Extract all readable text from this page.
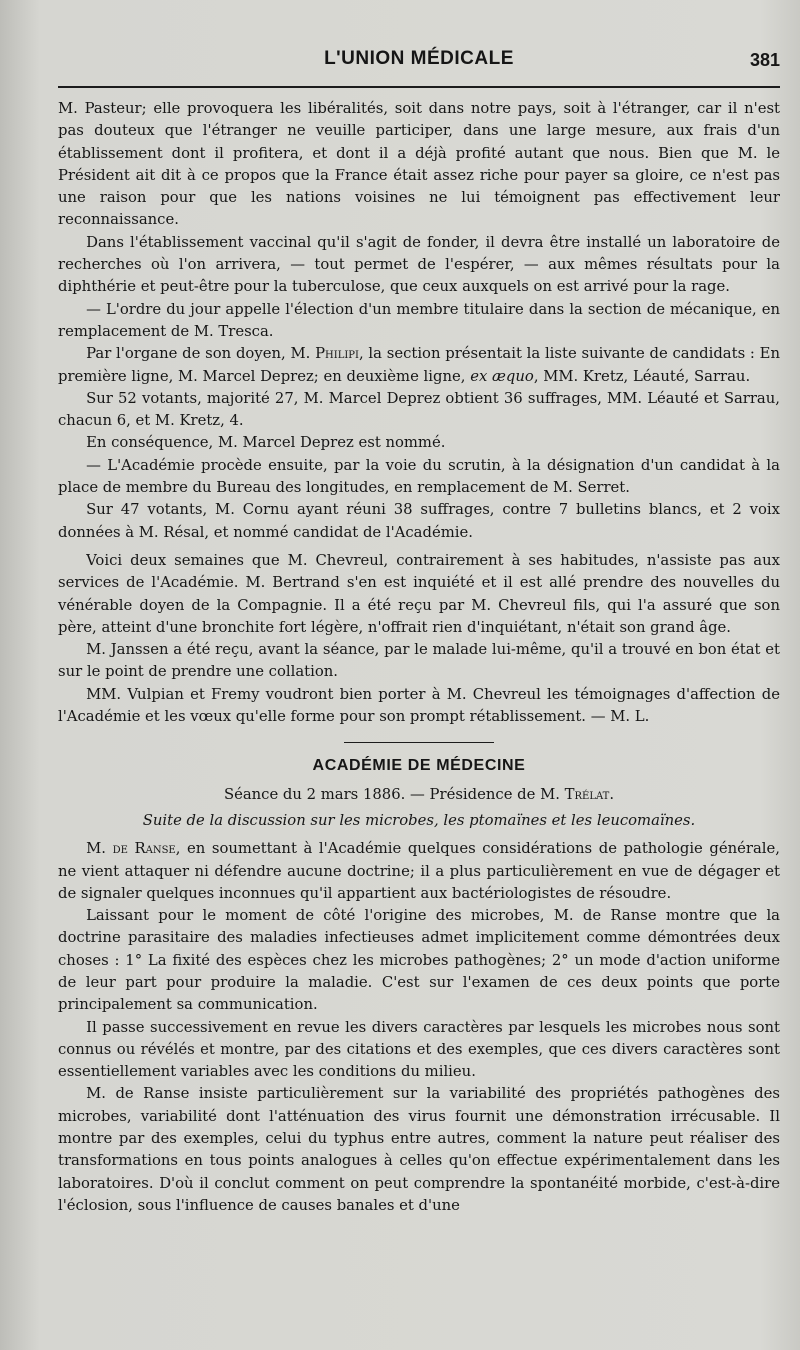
L'UNION MÉDICALE	381

M. Pasteur; elle provoquera les libéralités, soit dans notre pays, soit à l'étranger, car il n'est pas douteux que l'étranger ne veuille participer, dans une large mesure, aux frais d'un établissement dont il profitera, et dont il a déjà profité autant que nous. Bien que M. le Président ait dit à ce propos que la France était assez riche pour payer sa gloire, ce n'est pas une raison pour que les nations voisines ne lui témoignent pas effectivement leur reconnaissance.

Dans l'établissement vaccinal qu'il s'agit de fonder, il devra être installé un laboratoire de recherches où l'on arrivera, — tout permet de l'espérer, — aux mêmes résultats pour la diphthérie et peut-être pour la tuberculose, que ceux auxquels on est arrivé pour la rage.

— L'ordre du jour appelle l'élection d'un membre titulaire dans la section de mécanique, en remplacement de M. Tresca.

Par l'organe de son doyen, M. Philipi, la section présentait la liste suivante de candidats : En première ligne, M. Marcel Deprez; en deuxième ligne, ex æquo, MM. Kretz, Léauté, Sarrau.

Sur 52 votants, majorité 27, M. Marcel Deprez obtient 36 suffrages, MM. Léauté et Sarrau, chacun 6, et M. Kretz, 4.

En conséquence, M. Marcel Deprez est nommé.

— L'Académie procède ensuite, par la voie du scrutin, à la désignation d'un candidat à la place de membre du Bureau des longitudes, en remplacement de M. Serret.

Sur 47 votants, M. Cornu ayant réuni 38 suffrages, contre 7 bulletins blancs, et 2 voix données à M. Résal, et nommé candidat de l'Académie.

Voici deux semaines que M. Chevreul, contrairement à ses habitudes, n'assiste pas aux services de l'Académie. M. Bertrand s'en est inquiété et il est allé prendre des nouvelles du vénérable doyen de la Compagnie. Il a été reçu par M. Chevreul fils, qui l'a assuré que son père, atteint d'une bronchite fort légère, n'offrait rien d'inquiétant, n'était son grand âge.

M. Janssen a été reçu, avant la séance, par le malade lui-même, qu'il a trouvé en bon état et sur le point de prendre une collation.

MM. Vulpian et Fremy voudront bien porter à M. Chevreul les témoignages d'affection de l'Académie et les vœux qu'elle forme pour son prompt rétablissement. — M. L.

ACADÉMIE DE MÉDECINE

Séance du 2 mars 1886. — Présidence de M. Trélat.

Suite de la discussion sur les microbes, les ptomaïnes et les leucomaïnes.

M. de Ranse, en soumettant à l'Académie quelques considérations de pathologie générale, ne vient attaquer ni défendre aucune doctrine; il a plus particulièrement en vue de dégager et de signaler quelques inconnues qu'il appartient aux bactériologistes de résoudre.

Laissant pour le moment de côté l'origine des microbes, M. de Ranse montre que la doctrine parasitaire des maladies infectieuses admet implicitement comme démontrées deux choses : 1° La fixité des espèces chez les microbes pathogènes; 2° un mode d'action uniforme de leur part pour produire la maladie. C'est sur l'examen de ces deux points que porte principalement sa communication.

Il passe successivement en revue les divers caractères par lesquels les microbes nous sont connus ou révélés et montre, par des citations et des exemples, que ces divers caractères sont essentiellement variables avec les conditions du milieu.

M. de Ranse insiste particulièrement sur la variabilité des propriétés pathogènes des microbes, variabilité dont l'atténuation des virus fournit une démonstration irrécusable. Il montre par des exemples, celui du typhus entre autres, comment la nature peut réaliser des transformations en tous points analogues à celles qu'on effectue expérimentalement dans les laboratoires. D'où il conclut comment on peut comprendre la spontanéité morbide, c'est-à-dire l'éclosion, sous l'influence de causes banales et d'une
